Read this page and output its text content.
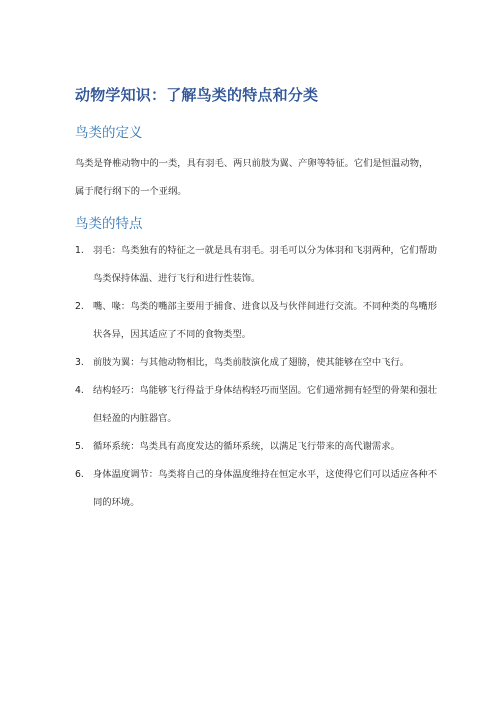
动物学知识：了解鸟类的特点和分类
鸟类的定义

鸟类是脊椎动物中的一类，具有羽毛、两只前肢为翼、产卵等特征。它们是恒温动物，属于爬行纲下的一个亚纲。

鸟类的特点
1. 羽毛：鸟类独有的特征之一就是具有羽毛。羽毛可以分为体羽和飞羽两种，它们帮助鸟类保持体温、进行飞行和进行性装饰。
2. 嘴、喙：鸟类的嘴部主要用于捕食、进食以及与伙伴间进行交流。不同种类的鸟嘴形状各异，因其适应了不同的食物类型。
3. 前肢为翼：与其他动物相比，鸟类前肢演化成了翅膀，使其能够在空中飞行。
4. 结构轻巧：鸟能够飞行得益于身体结构轻巧而坚固。它们通常拥有轻型的骨架和强壮但轻盈的内脏器官。
5. 循环系统：鸟类具有高度发达的循环系统，以满足飞行带来的高代谢需求。
6. 身体温度调节：鸟类将自己的身体温度维持在恒定水平，这使得它们可以适应各种不同的环境。
